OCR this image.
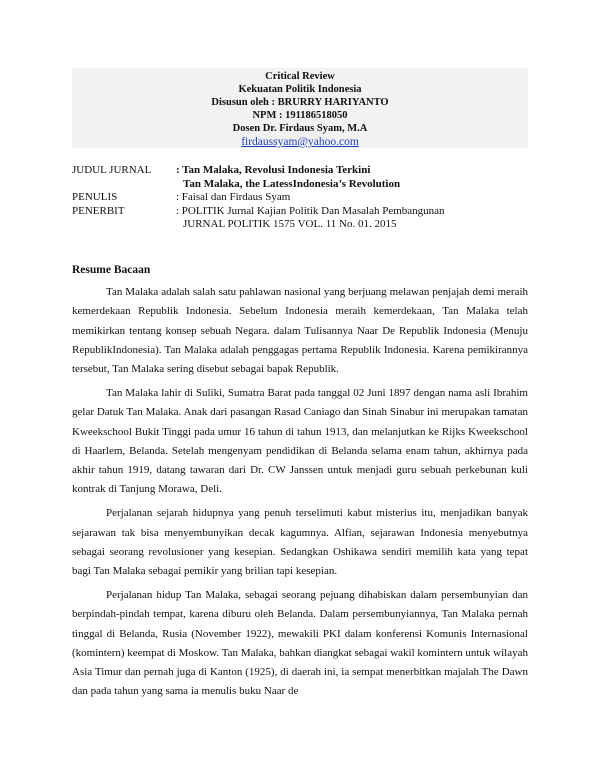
Critical Review
Kekuatan Politik Indonesia
Disusun oleh : BRURRY HARIYANTO
NPM : 191186518050
Dosen Dr. Firdaus Syam, M.A
firdaussyam@yahoo.com
JUDUL JURNAL	: Tan Malaka, Revolusi Indonesia Terkini
Tan Malaka, the LatessIndonesia’s Revolution
PENULIS	: Faisal dan Firdaus Syam
PENERBIT	: POLITIK Jurnal Kajian Politik Dan Masalah Pembangunan
JURNAL POLITIK 1575 VOL. 11 No. 01. 2015
Resume Bacaan

Tan Malaka adalah salah satu pahlawan nasional yang berjuang melawan penjajah demi meraih kemerdekaan Republik Indonesia. Sebelum Indonesia meraih kemerdekaan, Tan Malaka telah memikirkan tentang konsep sebuah Negara. dalam Tulisannya Naar De Republik Indonesia (Menuju RepublikIndonesia). Tan Malaka adalah penggagas pertama Republik Indonesia. Karena pemikirannya tersebut, Tan Malaka sering disebut sebagai bapak Republik.

Tan Malaka lahir di Suliki, Sumatra Barat pada tanggal 02 Juni 1897 dengan nama asli Ibrahim gelar Datuk Tan Malaka. Anak dari pasangan Rasad Caniago dan Sinah Sinabur ini merupakan tamatan Kweekschool Bukit Tinggi pada umur 16 tahun di tahun 1913, dan melanjutkan ke Rijks Kweekschool di Haarlem, Belanda. Setelah mengenyam pendidikan di Belanda selama enam tahun, akhirnya pada akhir tahun 1919, datang tawaran dari Dr. CW Janssen untuk menjadi guru sebuah perkebunan kuli kontrak di Tanjung Morawa, Deli.

Perjalanan sejarah hidupnya yang penuh terselimuti kabut misterius itu, menjadikan banyak sejarawan tak bisa menyembunyikan decak kagumnya. Alfian, sejarawan Indonesia menyebutnya sebagai seorang revolusioner yang kesepian. Sedangkan Oshikawa sendiri memilih kata yang tepat bagi Tan Malaka sebagai pemikir yang brilian tapi kesepian.

Perjalanan hidup Tan Malaka, sebagai seorang pejuang dihabiskan dalam persembunyian dan berpindah-pindah tempat, karena diburu oleh Belanda. Dalam persembunyiannya, Tan Malaka pernah tinggal di Belanda, Rusia (November 1922), mewakili PKI dalam konferensi Komunis Internasional (komintern) keempat di Moskow. Tan Malaka, bahkan diangkat sebagai wakil komintern untuk wilayah Asia Timur dan pernah juga di Kanton (1925), di daerah ini, ia sempat menerbitkan majalah The Dawn dan pada tahun yang sama ia menulis buku Naar de
